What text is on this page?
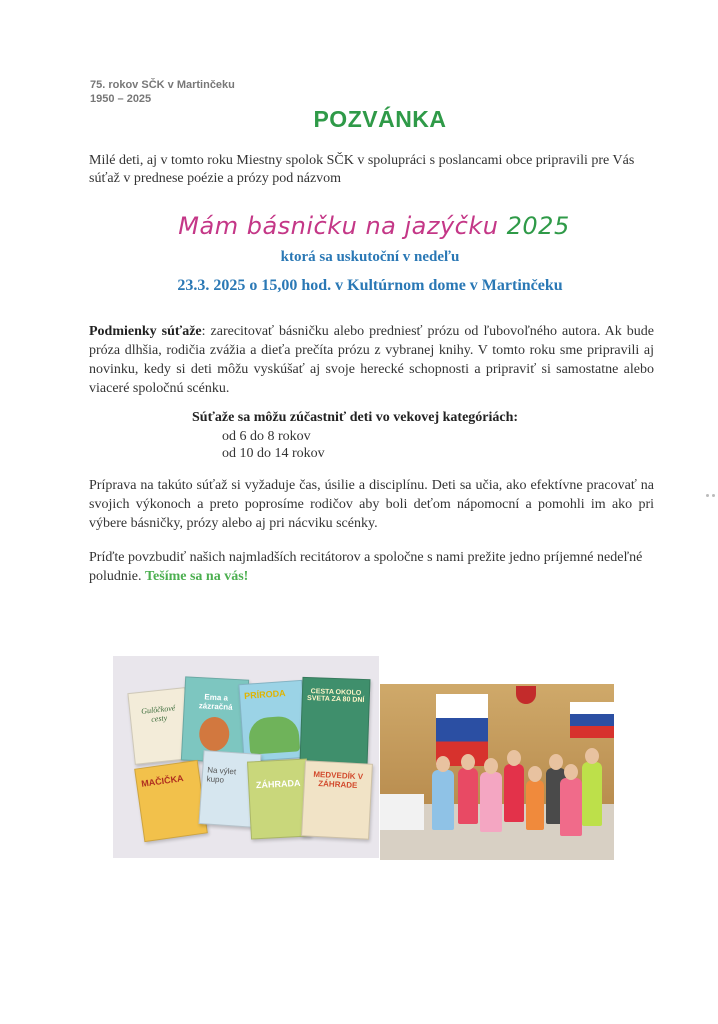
75. rokov SČK v Martinčeku
1950 – 2025
POZVÁNKA
Milé deti, aj v tomto roku Miestny spolok SČK v spolupráci s poslancami obce pripravili pre Vás súťaž v prednese poézie a prózy pod názvom
Mám básničku na jazýčku 2025
ktorá sa uskutoční v nedeľu
23.3. 2025 o 15,00 hod. v Kultúrnom dome v Martinčeku
Podmienky súťaže: zarecitovať básničku alebo predniesť prózu od ľubovoľného autora. Ak bude próza dlhšia, rodičia zvážia a dieťa prečíta prózu z vybranej knihy. V tomto roku sme pripravili aj novinku, kedy si deti môžu vyskúšať aj svoje herecké schopnosti a pripraviť si samostatne alebo viaceré spoločnú scénku.
Súťaže sa môžu zúčastniť deti vo vekovej kategóriách:
od 6 do 8 rokov
od 10 do 14 rokov
Príprava na takúto súťaž si vyžaduje čas, úsilie a disciplínu. Deti sa učia, ako efektívne pracovať na svojich výkonoch a preto poprosíme rodičov aby boli deťom nápomocní a pomohli im ako pri výbere básničky, prózy alebo aj pri nácviku scénky.
Príďte povzbudiť našich najmladších recitátorov a spoločne s nami prežite jedno príjemné nedeľné poludnie. Tešíme sa na vás!
Gulôčkové cesty
Ema a zázračná
PRÍRODA	CESTA OKOLO SVETA ZA 80 DNÍ
MAČIČKA
Na výlet kupo	ZÁHRADA
MEDVEDÍK V ZÁHRADE
